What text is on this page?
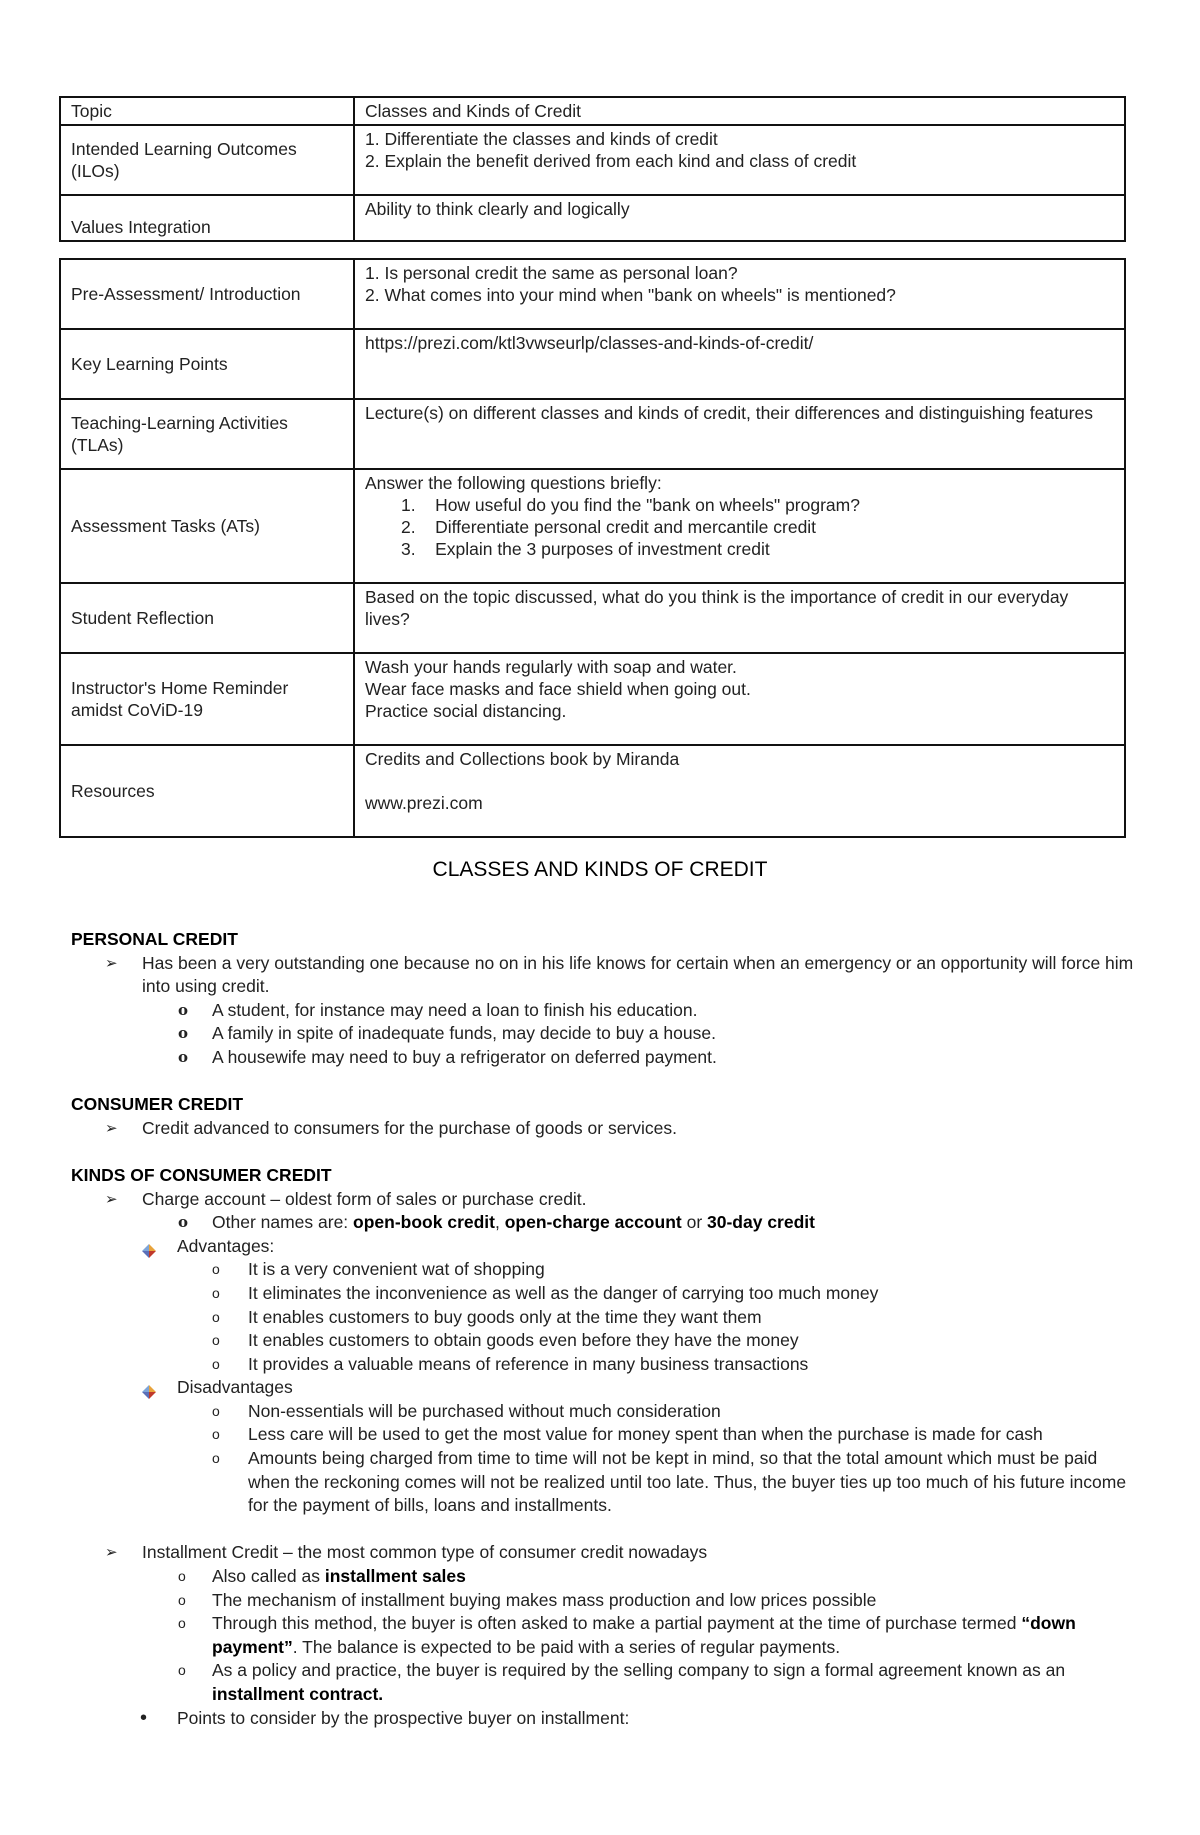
Topic	Classes and Kinds of Credit
Intended Learning Outcomes (ILOs)	1. Differentiate the classes and kinds of credit
2. Explain the benefit derived from each kind and class of credit

Values Integration	Ability to think clearly and logically
Pre-Assessment/ Introduction	1. Is personal credit the same as personal loan?
2. What comes into your mind when "bank on wheels" is mentioned?

Key Learning Points	https://prezi.com/ktl3vwseurlp/classes-and-kinds-of-credit/
Teaching-Learning Activities (TLAs)	Lecture(s) on different classes and kinds of credit, their differences and distinguishing features
Assessment Tasks (ATs)	Answer the following questions briefly:
1. How useful do you find the "bank on wheels" program?
2. Differentiate personal credit and mercantile credit
3. Explain the 3 purposes of investment credit

Student Reflection	Based on the topic discussed, what do you think is the importance of credit in our everyday lives?
Instructor's Home Reminder amidst CoViD-19	Wash your hands regularly with soap and water.
Wear face masks and face shield when going out.
Practice social distancing.

Resources	Credits and Collections book by Miranda
www.prezi.com
CLASSES AND KINDS OF CREDIT
PERSONAL CREDIT
➢ Has been a very outstanding one because no on in his life knows for certain when an emergency or an opportunity will force him into using credit.
o A student, for instance may need a loan to finish his education.
o A family in spite of inadequate funds, may decide to buy a house.
o A housewife may need to buy a refrigerator on deferred payment.
CONSUMER CREDIT
➢ Credit advanced to consumers for the purchase of goods or services.
KINDS OF CONSUMER CREDIT
➢ Charge account – oldest form of sales or purchase credit.
o Other names are: open-book credit, open-charge account or 30-day credit
Advantages:
o It is a very convenient wat of shopping
o It eliminates the inconvenience as well as the danger of carrying too much money
o It enables customers to buy goods only at the time they want them
o It enables customers to obtain goods even before they have the money
o It provides a valuable means of reference in many business transactions
Disadvantages
o Non-essentials will be purchased without much consideration
o Less care will be used to get the most value for money spent than when the purchase is made for cash
o Amounts being charged from time to time will not be kept in mind, so that the total amount which must be paid when the reckoning comes will not be realized until too late. Thus, the buyer ties up too much of his future income for the payment of bills, loans and installments.
➢ Installment Credit – the most common type of consumer credit nowadays
o Also called as installment sales
o The mechanism of installment buying makes mass production and low prices possible
o Through this method, the buyer is often asked to make a partial payment at the time of purchase termed “down payment”. The balance is expected to be paid with a series of regular payments.
o As a policy and practice, the buyer is required by the selling company to sign a formal agreement known as an installment contract.
• Points to consider by the prospective buyer on installment:
